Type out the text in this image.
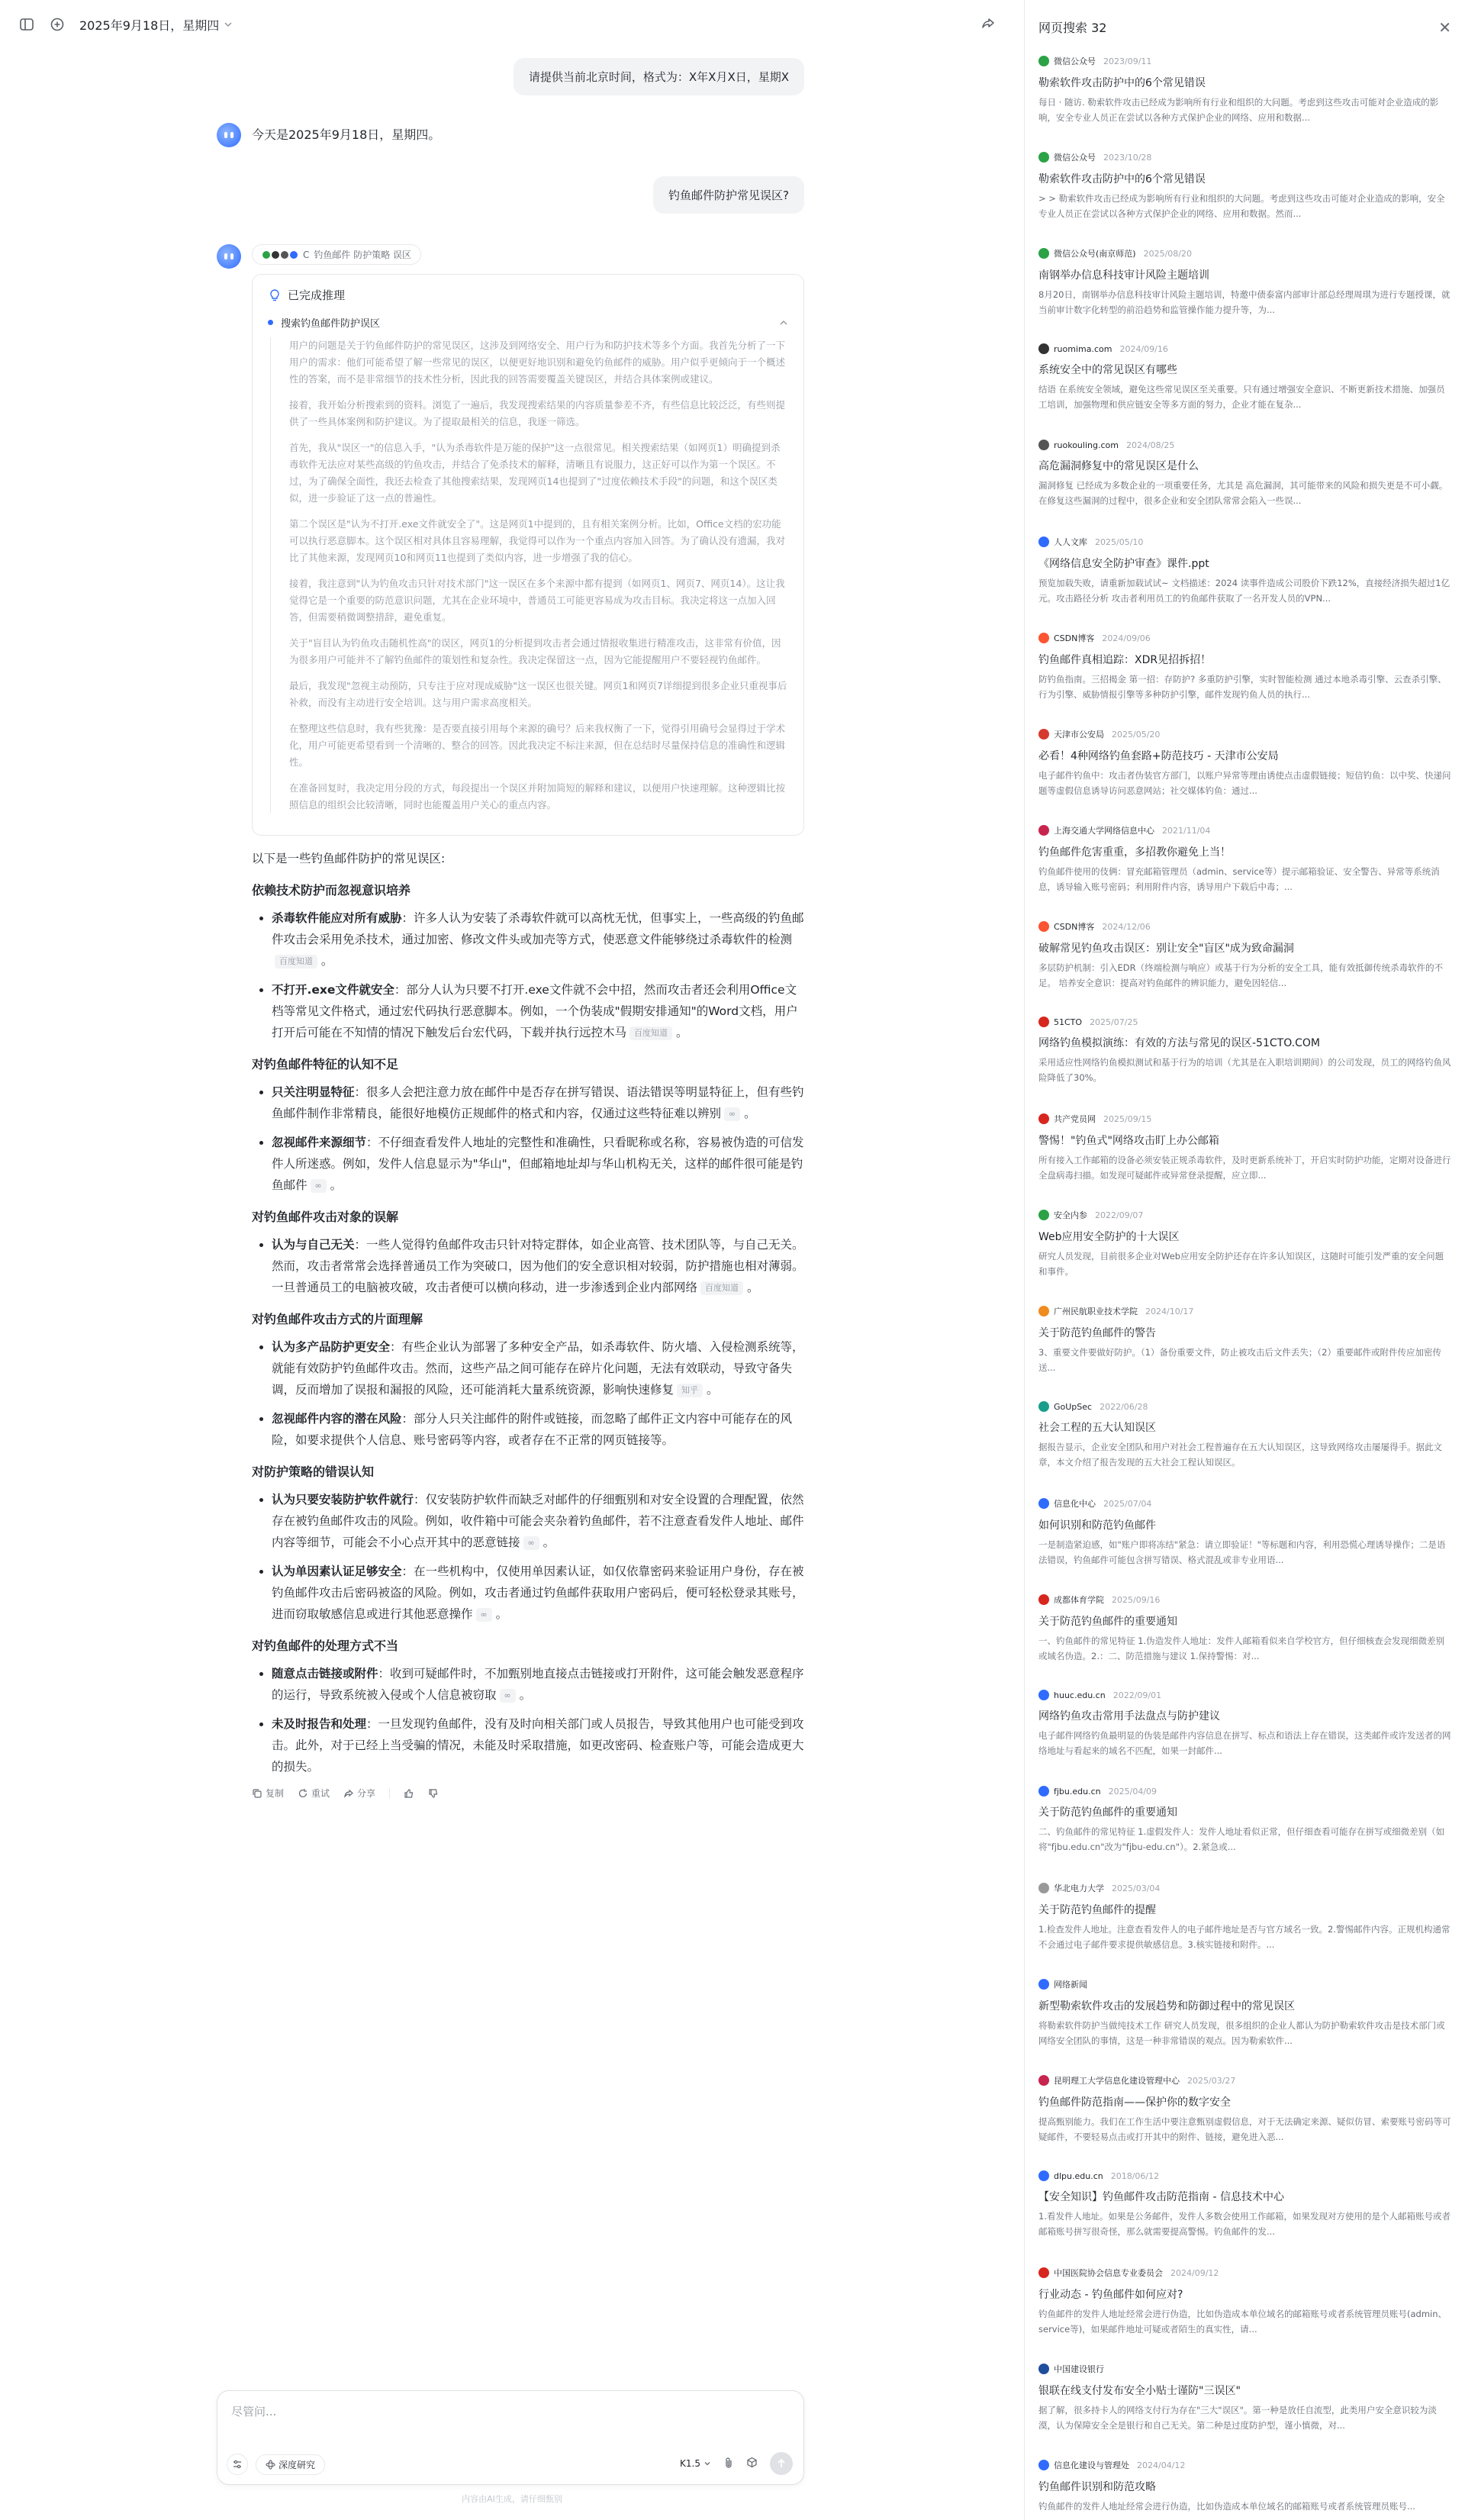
2025年9月18日，星期四
请提供当前北京时间，格式为：X年X月X日，星期X
今天是2025年9月18日，星期四。
钓鱼邮件防护常见误区?
C 钓鱼邮件 防护策略 误区
已完成推理
搜索钓鱼邮件防护误区

用户的问题是关于钓鱼邮件防护的常见误区，这涉及到网络安全、用户行为和防护技术等多个方面。我首先分析了一下用户的需求：他们可能希望了解一些常见的误区，以便更好地识别和避免钓鱼邮件的威胁。用户似乎更倾向于一个概述性的答案，而不是非常细节的技术性分析，因此我的回答需要覆盖关键误区，并结合具体案例或建议。

接着，我开始分析搜索到的资料。浏览了一遍后，我发现搜索结果的内容质量参差不齐，有些信息比较泛泛，有些则提供了一些具体案例和防护建议。为了提取最相关的信息，我逐一筛选。

首先，我从"误区一"的信息入手，"认为杀毒软件是万能的保护"这一点很常见。相关搜索结果（如网页1）明确提到杀毒软件无法应对某些高级的钓鱼攻击，并结合了免杀技术的解释，清晰且有说服力，这正好可以作为第一个误区。不过，为了确保全面性，我还去检查了其他搜索结果，发现网页14也提到了"过度依赖技术手段"的问题，和这个误区类似，进一步验证了这一点的普遍性。

第二个误区是"认为不打开.exe文件就安全了"。这是网页1中提到的，且有相关案例分析。比如，Office文档的宏功能可以执行恶意脚本。这个误区相对具体且容易理解，我觉得可以作为一个重点内容加入回答。为了确认没有遗漏，我对比了其他来源，发现网页10和网页11也提到了类似内容，进一步增强了我的信心。

接着，我注意到"认为钓鱼攻击只针对技术部门"这一误区在多个来源中都有提到（如网页1、网页7、网页14）。这让我觉得它是一个重要的防范意识问题，尤其在企业环境中，普通员工可能更容易成为攻击目标。我决定将这一点加入回答，但需要稍微调整措辞，避免重复。

关于"盲目认为钓鱼攻击随机性高"的误区，网页1的分析提到攻击者会通过情报收集进行精准攻击，这非常有价值，因为很多用户可能并不了解钓鱼邮件的策划性和复杂性。我决定保留这一点，因为它能提醒用户不要轻视钓鱼邮件。

最后，我发现"忽视主动预防，只专注于应对现成威胁"这一误区也很关键。网页1和网页7详细提到很多企业只重视事后补救，而没有主动进行安全培训。这与用户需求高度相关。

在整理这些信息时，我有些犹豫：是否要直接引用每个来源的确号？后来我权衡了一下，觉得引用确号会显得过于学术化，用户可能更希望看到一个清晰的、整合的回答。因此我决定不标注来源，但在总结时尽量保持信息的准确性和逻辑性。

在准备回复时，我决定用分段的方式，每段提出一个误区并附加简短的解释和建议，以便用户快速理解。这种逻辑比按照信息的组织会比较清晰，同时也能覆盖用户关心的重点内容。

以下是一些钓鱼邮件防护的常见误区:

依赖技术防护而忽视意识培养
• 杀毒软件能应对所有威胁：许多人认为安装了杀毒软件就可以高枕无忧，但事实上，一些高级的钓鱼邮件攻击会采用免杀技术，通过加密、修改文件头或加壳等方式，使恶意文件能够绕过杀毒软件的检测百度知道 。
• 不打开.exe文件就安全：部分人认为只要不打开.exe文件就不会中招，然而攻击者还会利用Office文档等常见文件格式，通过宏代码执行恶意脚本。例如，一个伪装成"假期安排通知"的Word文档，用户打开后可能在不知情的情况下触发后台宏代码，下载并执行远控木马 百度知道 。
对钓鱼邮件特征的认知不足
• 只关注明显特征：很多人会把注意力放在邮件中是否存在拼写错误、语法错误等明显特征上，但有些钓鱼邮件制作非常精良，能很好地模仿正规邮件的格式和内容，仅通过这些特征难以辨别 ∞ 。
• 忽视邮件来源细节：不仔细查看发件人地址的完整性和准确性，只看昵称或名称，容易被伪造的可信发件人所迷惑。例如，发件人信息显示为"华山"，但邮箱地址却与华山机构无关，这样的邮件很可能是钓鱼邮件 ∞ 。
对钓鱼邮件攻击对象的误解
• 认为与自己无关：一些人觉得钓鱼邮件攻击只针对特定群体，如企业高管、技术团队等，与自己无关。然而，攻击者常常会选择普通员工作为突破口，因为他们的安全意识相对较弱，防护措施也相对薄弱。一旦普通员工的电脑被攻破，攻击者便可以横向移动，进一步渗透到企业内部网络 百度知道 。
对钓鱼邮件攻击方式的片面理解
• 认为多产品防护更安全：有些企业认为部署了多种安全产品，如杀毒软件、防火墙、入侵检测系统等，就能有效防护钓鱼邮件攻击。然而，这些产品之间可能存在碎片化问题，无法有效联动，导致守备失调，反而增加了误报和漏报的风险，还可能消耗大量系统资源，影响快速修复 知乎 。
• 忽视邮件内容的潜在风险：部分人只关注邮件的附件或链接，而忽略了邮件正文内容中可能存在的风险，如要求提供个人信息、账号密码等内容，或者存在不正常的网页链接等。
对防护策略的错误认知
• 认为只要安装防护软件就行：仅安装防护软件而缺乏对邮件的仔细甄别和对安全设置的合理配置，依然存在被钓鱼邮件攻击的风险。例如，收件箱中可能会夹杂着钓鱼邮件，若不注意查看发件人地址、邮件内容等细节，可能会不小心点开其中的恶意链接 ∞ 。
• 认为单因素认证足够安全：在一些机构中，仅使用单因素认证，如仅依靠密码来验证用户身份，存在被钓鱼邮件攻击后密码被盗的风险。例如，攻击者通过钓鱼邮件获取用户密码后，便可轻松登录其账号，进而窃取敏感信息或进行其他恶意操作 ∞ 。
对钓鱼邮件的处理方式不当
• 随意点击链接或附件：收到可疑邮件时，不加甄别地直接点击链接或打开附件，这可能会触发恶意程序的运行，导致系统被入侵或个人信息被窃取 ∞ 。
• 未及时报告和处理：一旦发现钓鱼邮件，没有及时向相关部门或人员报告，导致其他用户也可能受到攻击。此外，对于已经上当受骗的情况，未能及时采取措施，如更改密码、检查账户等，可能会造成更大的损失。
复制	重试	分享
尽管问...
深度研究	K1.5
内容由AI生成，请仔细甄别
网页搜索 32	✕
微信公众号 2023/09/11
勒索软件攻击防护中的6个常见错误
每日 · 随访. 勒索软件攻击已经成为影响所有行业和组织的大问题。考虑到这些攻击可能对企业造成的影响，安全专业人员正在尝试以各种方式保护企业的网络、应用和数据...
微信公众号 2023/10/28
勒索软件攻击防护中的6个常见错误
> > 勒索软件攻击已经成为影响所有行业和组织的大问题。考虑到这些攻击可能对企业造成的影响，安全专业人员正在尝试以各种方式保护企业的网络、应用和数据。然而...
微信公众号(南京师范) 2025/08/20
南钢举办信息科技审计风险主题培训
8月20日，南钢举办信息科技审计风险主题培训，特邀中债泰富内部审计部总经理周琪为进行专题授课，就当前审计数字化转型的前沿趋势和监管操作能力提升等，为...
ruomima.com 2024/09/16
系统安全中的常见误区有哪些
结语 在系统安全领域，避免这些常见误区至关重要。只有通过增强安全意识、不断更新技术措施、加强员工培训，加强物理和供应链安全等多方面的努力，企业才能在复杂...
ruokouling.com 2024/08/25
高危漏洞修复中的常见误区是什么
漏洞修复 已经成为多数企业的一项重要任务，尤其是 高危漏洞，其可能带来的风险和损失更是不可小觑。在修复这些漏洞的过程中，很多企业和安全团队常常会陷入一些误...
人人文库 2025/05/10
《网络信息安全防护审查》课件.ppt
预览加载失败，请重新加载试试~ 文档描述：2024 读事件造成公司股价下跌12%，直接经济损失超过1亿元。攻击路径分析 攻击者利用员工的钓鱼邮件获取了一名开发人员的VPN...
CSDN博客 2024/09/06
钓鱼邮件真相追踪：XDR见招拆招！
防钓鱼指南。三招揭金 第一招：存防护? 多重防护引擎，实时智能检测 通过本地杀毒引擎、云查杀引擎、行为引擎、威胁情报引擎等多种防护引擎，邮件发现钓鱼人员的执行...
天津市公安局 2025/05/20
必看！4种网络钓鱼套路+防范技巧 - 天津市公安局
电子邮件钓鱼中：攻击者伪装官方部门，以账户异常等理由诱使点击虚假链接；短信钓鱼：以中奖、快递问题等虚假信息诱导访问恶意网站；社交媒体钓鱼：通过...
上海交通大学网络信息中心 2021/11/04
钓鱼邮件危害重重，多招教你避免上当！
钓鱼邮件使用的伎俩：冒充邮箱管理员（admin、service等）提示邮箱验证、安全警告、异常等系统消息，诱导输入账号密码；利用附件内容，诱导用户下载后中毒；...
CSDN博客 2024/12/06
破解常见钓鱼攻击误区：别让安全"盲区"成为致命漏洞
多层防护机制：引入EDR（终端检测与响应）或基于行为分析的安全工具，能有效抵御传统杀毒软件的不足。 培养安全意识：提高对钓鱼邮件的辨识能力，避免因轻信...
51CTO 2025/07/25
网络钓鱼模拟演练：有效的方法与常见的误区-51CTO.COM
采用适应性网络钓鱼模拟测试和基于行为的培训（尤其是在入职培训期间）的公司发现，员工的网络钓鱼风险降低了30%。
共产党员网 2025/09/15
警惕！"钓鱼式"网络攻击盯上办公邮箱
所有接入工作邮箱的设备必须安装正规杀毒软件，及时更新系统补丁，开启实时防护功能，定期对设备进行全盘病毒扫描。如发现可疑邮件或异常登录提醒，应立即...
安全内参 2022/09/07
Web应用安全防护的十大误区
研究人员发现，目前很多企业对Web应用安全防护还存在许多认知误区，这随时可能引发严重的安全问题和事件。
广州民航职业技术学院 2024/10/17
关于防范钓鱼邮件的警告
3、重要文件要做好防护。（1）备份重要文件，防止被攻击后文件丢失；（2）重要邮件或附件传应加密传送...
GoUpSec 2022/06/28
社会工程的五大认知误区
据报告显示，企业安全团队和用户对社会工程普遍存在五大认知误区，这导致网络攻击屡屡得手。据此文章，本文介绍了报告发现的五大社会工程认知误区。
信息化中心 2025/07/04
如何识别和防范钓鱼邮件
一是制造紧迫感，如"账户即将冻结"紧急：请立即验证！"等标题和内容，利用恐慌心理诱导操作；二是语法错误，钓鱼邮件可能包含拼写错误、格式混乱或非专业用语...
成都体育学院 2025/09/16
关于防范钓鱼邮件的重要通知
一、钓鱼邮件的常见特征 1.伪造发件人地址：发件人邮箱看似来自学校官方，但仔细核查会发现细微差别或域名伪造。2.：二、防范措施与建议 1.保持警惕：对...
huuc.edu.cn 2022/09/01
网络钓鱼攻击常用手法盘点与防护建议
电子邮件网络钓鱼最明显的伪装是邮件内容信息在拼写、标点和语法上存在错误，这类邮件或许发送者的网络地址与看起来的域名不匹配，如果一封邮件...
fjbu.edu.cn 2025/04/09
关于防范钓鱼邮件的重要通知
二、钓鱼邮件的常见特征 1.虚假发件人：发件人地址看似正常，但仔细查看可能存在拼写或细微差别（如将"fjbu.edu.cn"改为"fjbu-edu.cn"）。2.紧急或...
华北电力大学 2025/03/04
关于防范钓鱼邮件的提醒
1.检查发件人地址。注意查看发件人的电子邮件地址是否与官方域名一致。2.警惕邮件内容。正规机构通常不会通过电子邮件要求提供敏感信息。3.核实链接和附件。...
网络新闻
新型勒索软件攻击的发展趋势和防御过程中的常见误区
将勒索软件防护当做纯技术工作 研究人员发现，很多组织的企业人都认为防护勒索软件攻击是技术部门或网络安全团队的事情，这是一种非常错误的观点。因为勒索软件...
昆明理工大学信息化建设管理中心 2025/03/27
钓鱼邮件防范指南——保护你的数字安全
提高甄别能力。我们在工作生活中要注意甄别虚假信息，对于无法确定来源、疑似仿冒、索要账号密码等可疑邮件，不要轻易点击或打开其中的附件、链接，避免进入恶...
dlpu.edu.cn 2018/06/12
【安全知识】钓鱼邮件攻击防范指南 - 信息技术中心
1.看发件人地址。如果是公务邮件，发件人多数会使用工作邮箱，如果发现对方使用的是个人邮箱账号或者邮箱账号拼写很奇怪，那么就需要提高警惕。钓鱼邮件的发...
中国医院协会信息专业委员会 2024/09/12
行业动态 - 钓鱼邮件如何应对?
钓鱼邮件的发件人地址经常会进行伪造，比如伪造成本单位域名的邮箱账号或者系统管理员账号(admin、service等)，如果邮件地址可疑或者陌生的真实性，请...
中国建设银行
银联在线支付发布安全小贴士谨防"三误区"
据了解，很多持卡人的网络支付行为存在"三大"误区"。第一种是放任自流型，此类用户安全意识较为淡漠，认为保障安全全是银行和自己无关。第二种是过度防护型，谨小慎微，对...
信息化建设与管理处 2024/04/12
钓鱼邮件识别和防范攻略
钓鱼邮件的发件人地址经常会进行伪造，比如伪造成本单位域名的邮箱账号或者系统管理员账号...
